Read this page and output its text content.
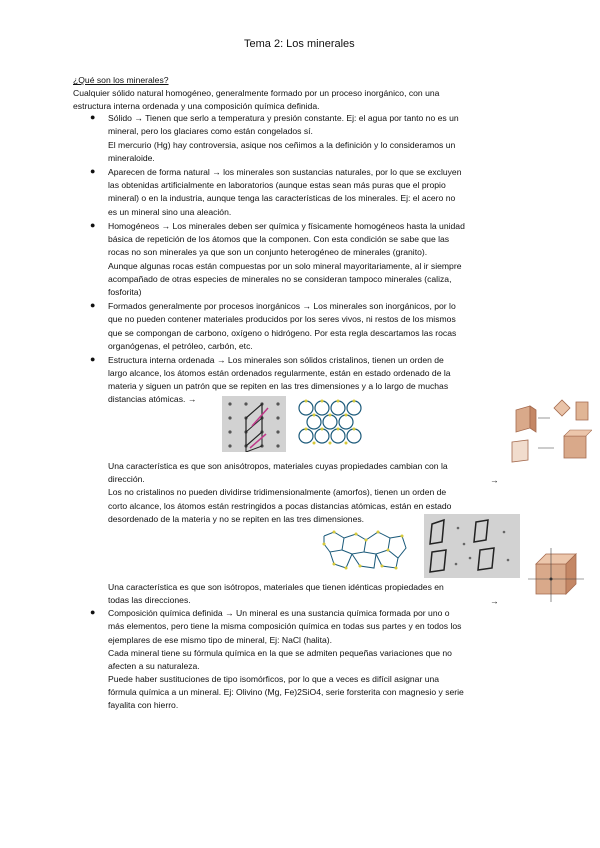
Tema 2: Los minerales
¿Qué son los minerales?
Cualquier sólido natural homogéneo, generalmente formado por un proceso inorgánico, con una
estructura interna ordenada y una composición química definida.
● Sólido → Tienen que serlo a temperatura y presión constante. Ej: el agua por tanto no es un
mineral, pero los glaciares como están congelados sí.
El mercurio (Hg) hay controversia, asique nos ceñimos a la definición y lo consideramos un
mineraloide.
● Aparecen de forma natural → los minerales son sustancias naturales, por lo que se excluyen
las obtenidas artificialmente en laboratorios (aunque estas sean más puras que el propio
mineral) o en la industria, aunque tenga las características de los minerales. Ej: el acero no
es un mineral sino una aleación.
● Homogéneos → Los minerales deben ser química y físicamente homogéneos hasta la unidad
básica de repetición de los átomos que la componen. Con esta condición se sabe que las
rocas no son minerales ya que son un conjunto heterogéneo de minerales (granito).
Aunque algunas rocas están compuestas por un solo mineral mayoritariamente, al ir siempre
acompañado de otras especies de minerales no se consideran tampoco minerales (caliza,
fosforita)
● Formados generalmente por procesos inorgánicos → Los minerales son inorgánicos, por lo
que no pueden contener materiales producidos por los seres vivos, ni restos de los mismos
que se compongan de carbono, oxígeno o hidrógeno. Por esta regla descartamos las rocas
organógenas, el petróleo, carbón, etc.
● Estructura interna ordenada → Los minerales son sólidos cristalinos, tienen un orden de
largo alcance, los átomos están ordenados regularmente, están en estado ordenado de la
materia y siguen un patrón que se repiten en las tres dimensiones y a lo largo de muchas
distancias atómicas. →
Una característica es que son anisótropos, materiales cuyas propiedades cambian con la
dirección.	→
Los no cristalinos no pueden dividirse tridimensionalmente (amorfos), tienen un orden de
corto alcance, los átomos están restringidos a pocas distancias atómicas, están en estado
desordenado de la materia y no se repiten en las tres dimensiones.
Una característica es que son isótropos, materiales que tienen idénticas propiedades en
todas las direcciones.	→
● Composición química definida → Un mineral es una sustancia química formada por uno o
más elementos, pero tiene la misma composición química en todas sus partes y en todos los
ejemplares de ese mismo tipo de mineral, Ej: NaCl (halita).
Cada mineral tiene su fórmula química en la que se admiten pequeñas variaciones que no
afecten a su naturaleza.
Puede haber sustituciones de tipo isomórficos, por lo que a veces es difícil asignar una
fórmula química a un mineral. Ej: Olivino (Mg, Fe)2SiO4, serie forsterita con magnesio y serie
fayalita con hierro.
